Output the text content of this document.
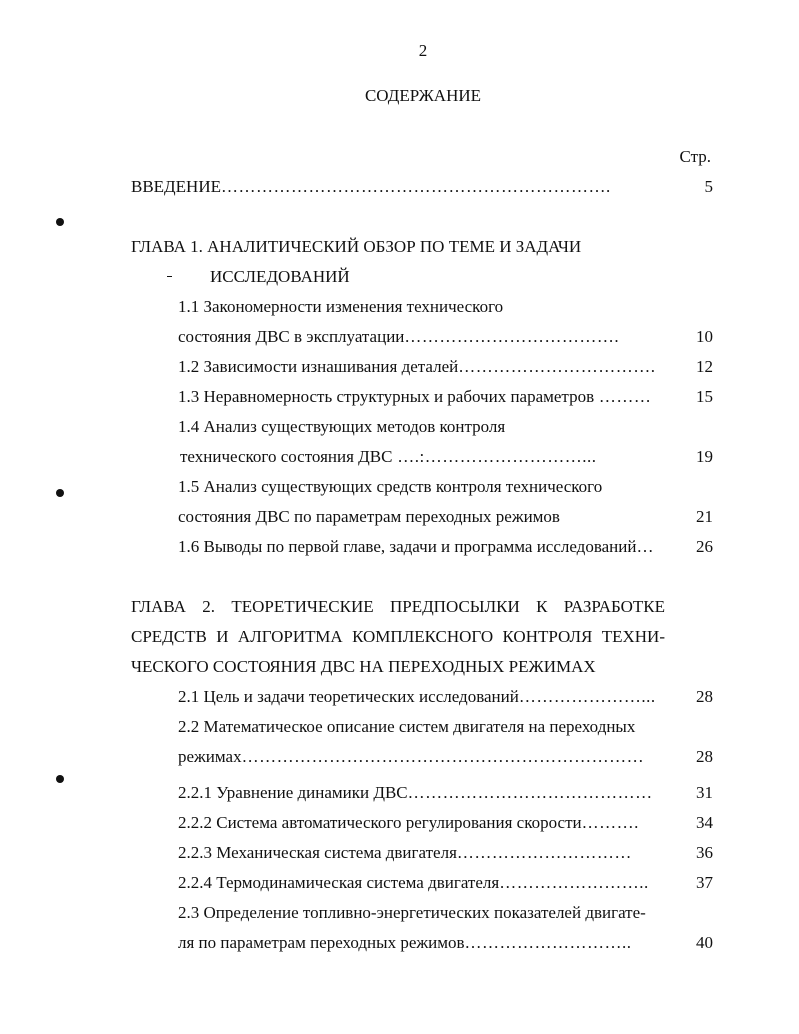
2
СОДЕРЖАНИЕ
Стр.
ВВЕДЕНИЕ………………………………………………………….	5
ГЛАВА 1. АНАЛИТИЧЕСКИЙ ОБЗОР ПО ТЕМЕ И ЗАДАЧИ
ИССЛЕДОВАНИЙ
1.1 Закономерности изменения технического
состояния ДВС в эксплуатации……………………………….	10
1.2 Зависимости изнашивания деталей……………………………. 12
1.3 Неравномерность структурных и рабочих параметров ………	15
1.4 Анализ существующих методов контроля
технического состояния ДВС ….:………………………...	19
1.5 Анализ существующих средств контроля технического
состояния ДВС по параметрам переходных режимов	21
1.6 Выводы по первой главе, задачи и программа исследований…	26
ГЛАВА 2. ТЕОРЕТИЧЕСКИЕ ПРЕДПОСЫЛКИ К РАЗРАБОТКЕ
СРЕДСТВ И АЛГОРИТМА КОМПЛЕКСНОГО КОНТРОЛЯ ТЕХНИ-
ЧЕСКОГО СОСТОЯНИЯ ДВС НА ПЕРЕХОДНЫХ РЕЖИМАХ
2.1 Цель и задачи теоретических исследований…………………... 28
2.2 Математическое описание систем двигателя на переходных
режимах……………………………………………………………	28
2.2.1 Уравнение динамики ДВС……………………………………	31
2.2.2 Система автоматического регулирования скорости……….	34
2.2.3 Механическая система двигателя…………………………	36
2.2.4 Термодинамическая система двигателя……………………..	37
2.3 Определение топливно-энергетических показателей двигате-
ля по параметрам переходных режимов………………………..	40
